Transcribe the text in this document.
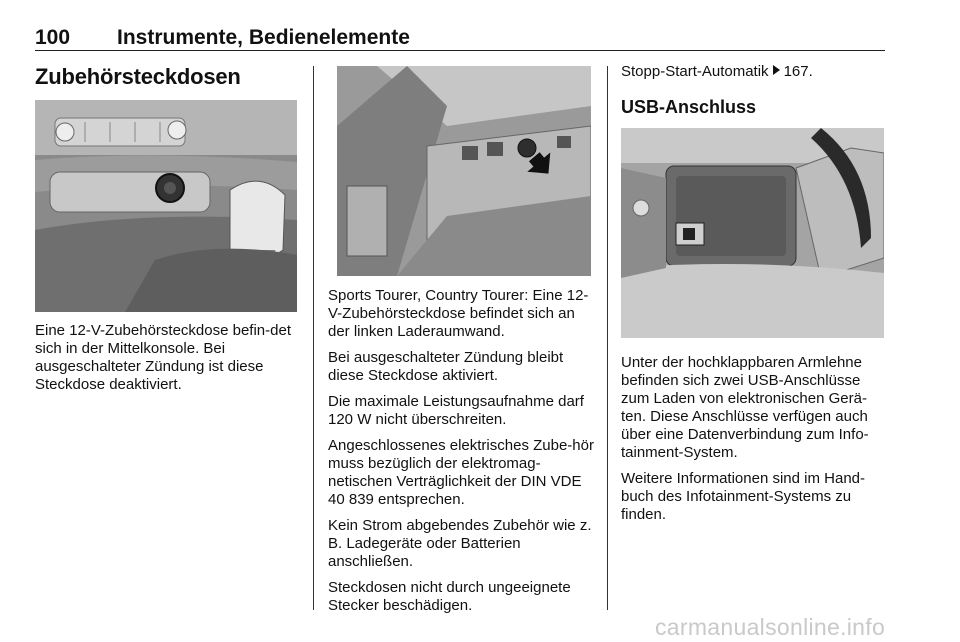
100 Instrumente, Bedienelemente
Zubehörsteckdosen

Eine 12-V-Zubehörsteckdose befin-det sich in der Mittelkonsole. Bei ausgeschalteter Zündung ist diese Steckdose deaktiviert.

Sports Tourer, Country Tourer: Eine 12-V-Zubehörsteckdose befindet sich an der linken Laderaumwand.

Bei ausgeschalteter Zündung bleibt diese Steckdose aktiviert.

Die maximale Leistungsaufnahme darf 120 W nicht überschreiten.

Angeschlossenes elektrisches Zube-hör muss bezüglich der elektromag-netischen Verträglichkeit der DIN VDE 40 839 entsprechen.

Kein Strom abgebendes Zubehör wie z. B. Ladegeräte oder Batterien anschließen.

Steckdosen nicht durch ungeeignete Stecker beschädigen.

Stopp-Start-Automatik 167.
USB-Anschluss

Unter der hochklappbaren Armlehne befinden sich zwei USB-Anschlüsse zum Laden von elektronischen Gerä-ten. Diese Anschlüsse verfügen auch über eine Datenverbindung zum Info-tainment-System.

Weitere Informationen sind im Hand-buch des Infotainment-Systems zu finden.

carmanualsonline.info
